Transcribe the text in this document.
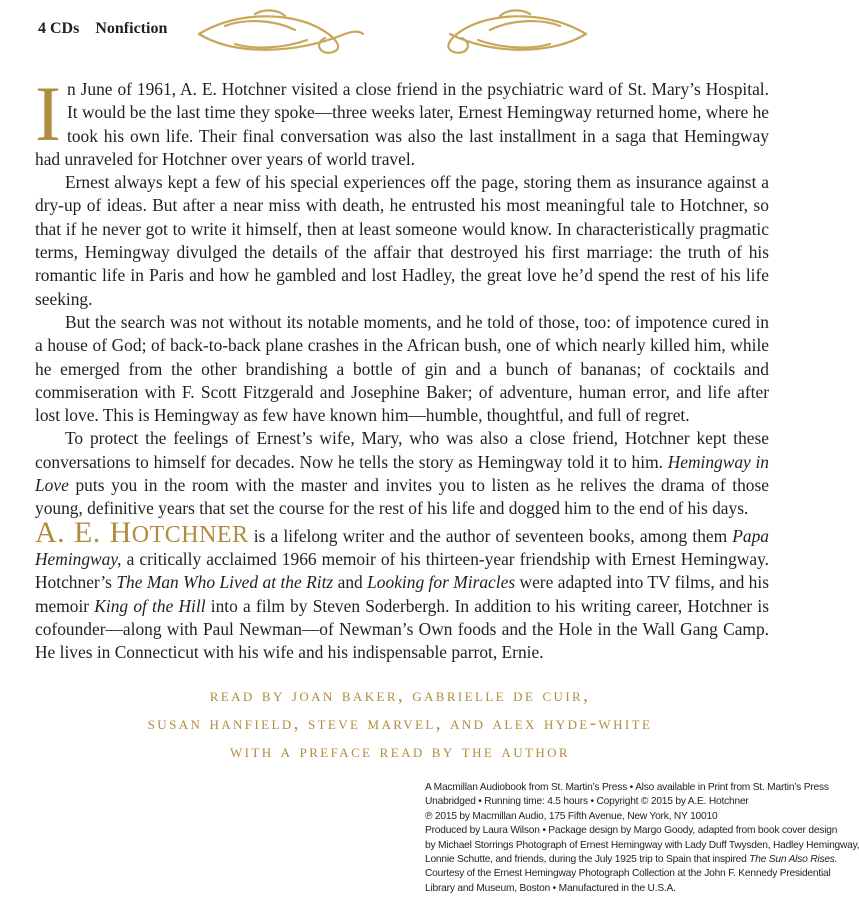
4 CDs Nonfiction

In June of 1961, A. E. Hotchner visited a close friend in the psychiatric ward of St. Mary’s Hospital. It would be the last time they spoke—three weeks later, Ernest Hemingway returned home, where he took his own life. Their final conversation was also the last installment in a saga that Hemingway had unraveled for Hotchner over years of world travel.

Ernest always kept a few of his special experiences off the page, storing them as insurance against a dry-up of ideas. But after a near miss with death, he entrusted his most meaningful tale to Hotchner, so that if he never got to write it himself, then at least someone would know. In characteristically pragmatic terms, Hemingway divulged the details of the affair that destroyed his first marriage: the truth of his romantic life in Paris and how he gambled and lost Hadley, the great love he’d spend the rest of his life seeking.

But the search was not without its notable moments, and he told of those, too: of impotence cured in a house of God; of back-to-back plane crashes in the African bush, one of which nearly killed him, while he emerged from the other brandishing a bottle of gin and a bunch of bananas; of cocktails and commiseration with F. Scott Fitzgerald and Josephine Baker; of adventure, human error, and life after lost love. This is Hemingway as few have known him—humble, thoughtful, and full of regret.

To protect the feelings of Ernest’s wife, Mary, who was also a close friend, Hotchner kept these conversations to himself for decades. Now he tells the story as Hemingway told it to him. Hemingway in Love puts you in the room with the master and invites you to listen as he relives the drama of those young, definitive years that set the course for the rest of his life and dogged him to the end of his days.

A. E. HOTCHNER is a lifelong writer and the author of seventeen books, among them Papa Hemingway, a critically acclaimed 1966 memoir of his thirteen-year friendship with Ernest Hemingway. Hotchner’s The Man Who Lived at the Ritz and Looking for Miracles were adapted into TV films, and his memoir King of the Hill into a film by Steven Soderbergh. In addition to his writing career, Hotchner is cofounder—along with Paul Newman—of Newman’s Own foods and the Hole in the Wall Gang Camp. He lives in Connecticut with his wife and his indispensable parrot, Ernie.

read by joan baker, gabrielle de cuir,
susan hanfield, steve marvel, and alex hyde-white
with a preface read by the author
A Macmillan Audiobook from St. Martin’s Press • Also available in Print from St. Martin’s Press
Unabridged • Running time: 4.5 hours • Copyright © 2015 by A.E. Hotchner
℗ 2015 by Macmillan Audio, 175 Fifth Avenue, New York, NY 10010
Produced by Laura Wilson • Package design by Margo Goody, adapted from book cover design
by Michael Storrings Photograph of Ernest Hemingway with Lady Duff Twysden, Hadley Hemingway,
Lonnie Schutte, and friends, during the July 1925 trip to Spain that inspired The Sun Also Rises.
Courtesy of the Ernest Hemingway Photograph Collection at the John F. Kennedy Presidential
Library and Museum, Boston • Manufactured in the U.S.A.
